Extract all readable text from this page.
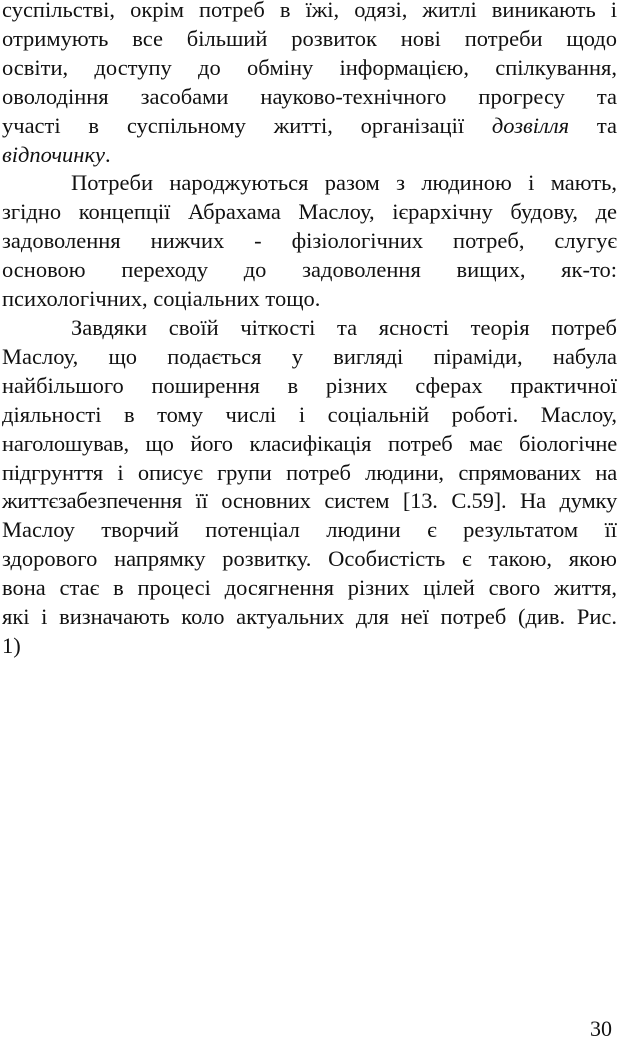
суспільстві, окрім потреб в їжі, одязі, житлі виникають і
отримують все більший розвиток нові потреби щодо
освіти, доступу до обміну інформацією, спілкування,
оволодіння засобами науково-технічного прогресу та
участі в суспільному житті, організації дозвілля та
відпочинку.

Потреби народжуються разом з людиною і мають,
згідно концепції Абрахама Маслоу, ієрархічну будову, де
задоволення нижчих - фізіологічних потреб, слугує
основою переходу до задоволення вищих, як-то:
психологічних, соціальних тощо.

Завдяки своїй чіткості та ясності теорія потреб
Маслоу, що подається у вигляді піраміди, набула
найбільшого поширення в різних сферах практичної
діяльності в тому числі і соціальній роботі. Маслоу,
наголошував, що його класифікація потреб має біологічне
підгрунття і описує групи потреб людини, спрямованих на
життєзабезпечення її основних систем [13. С.59]. На думку
Маслоу творчий потенціал людини є результатом її
здорового напрямку розвитку. Особистість є такою, якою
вона стає в процесі досягнення різних цілей свого життя,
які і визначають коло актуальних для неї потреб (див. Рис.
1)

30
